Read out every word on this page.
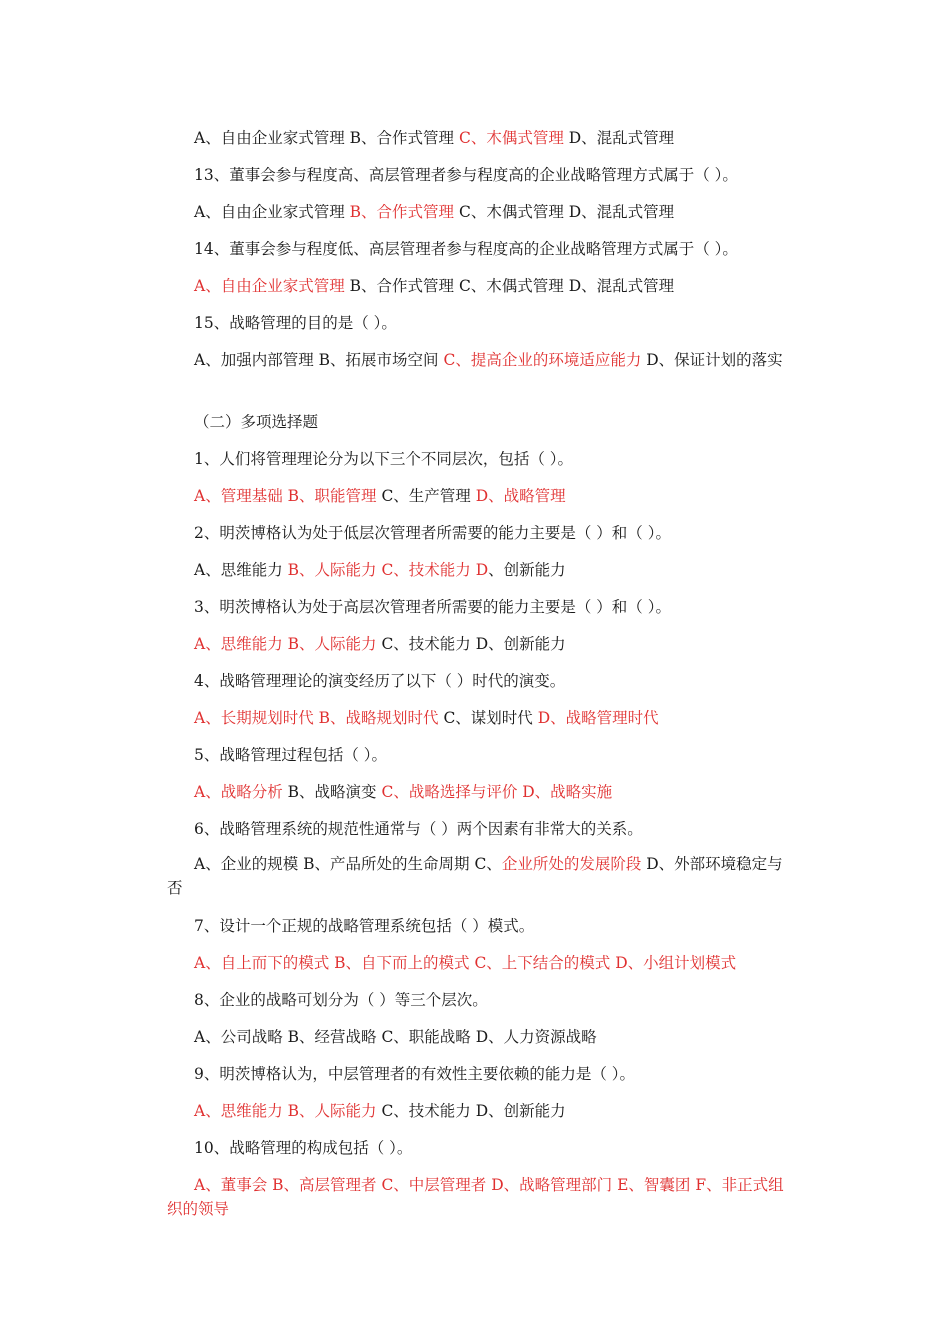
A、自由企业家式管理 B、合作式管理 C、木偶式管理 D、混乱式管理
13、董事会参与程度高、高层管理者参与程度高的企业战略管理方式属于（ ）。
A、自由企业家式管理 B、合作式管理 C、木偶式管理 D、混乱式管理
14、董事会参与程度低、高层管理者参与程度高的企业战略管理方式属于（ ）。
A、自由企业家式管理 B、合作式管理 C、木偶式管理 D、混乱式管理
15、战略管理的目的是（ ）。
A、加强内部管理 B、拓展市场空间 C、提高企业的环境适应能力 D、保证计划的落实
（二）多项选择题
1、人们将管理理论分为以下三个不同层次，包括（ ）。
A、管理基础 B、职能管理 C、生产管理 D、战略管理
2、明茨博格认为处于低层次管理者所需要的能力主要是（ ）和（ ）。
A、思维能力 B、人际能力 C、技术能力 D、创新能力
3、明茨博格认为处于高层次管理者所需要的能力主要是（ ）和（ ）。
A、思维能力 B、人际能力 C、技术能力 D、创新能力
4、战略管理理论的演变经历了以下（ ）时代的演变。
A、长期规划时代 B、战略规划时代 C、谋划时代 D、战略管理时代
5、战略管理过程包括（ ）。
A、战略分析 B、战略演变 C、战略选择与评价 D、战略实施
6、战略管理系统的规范性通常与（ ）两个因素有非常大的关系。
A、企业的规模 B、产品所处的生命周期 C、企业所处的发展阶段 D、外部环境稳定与否
7、设计一个正规的战略管理系统包括（ ）模式。
A、自上而下的模式 B、自下而上的模式 C、上下结合的模式 D、小组计划模式
8、企业的战略可划分为（ ）等三个层次。
A、公司战略 B、经营战略 C、职能战略 D、人力资源战略
9、明茨博格认为，中层管理者的有效性主要依赖的能力是（ ）。
A、思维能力 B、人际能力 C、技术能力 D、创新能力
10、战略管理的构成包括（ ）。
A、董事会 B、高层管理者 C、中层管理者 D、战略管理部门 E、智囊团 F、非正式组织的领导
